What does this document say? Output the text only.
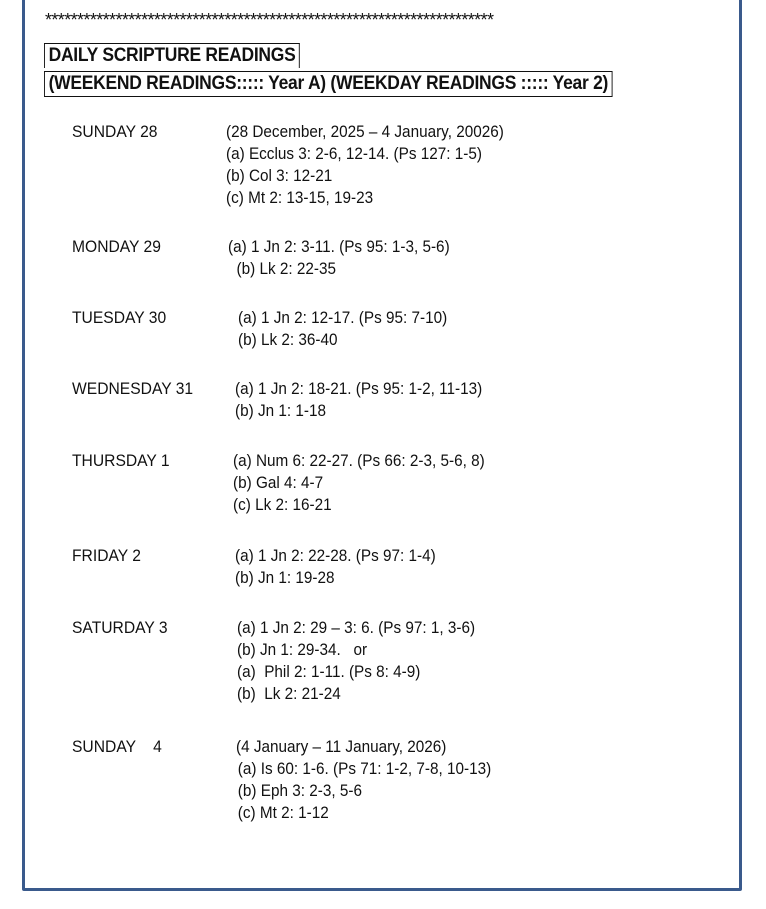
**********************************************************************
DAILY SCRIPTURE READINGS
(WEEKEND READINGS::::: Year A) (WEEKDAY READINGS ::::: Year 2)
SUNDAY 28	(28 December, 2025 – 4 January, 20026)
(a) Ecclus 3: 2-6, 12-14. (Ps 127: 1-5)
(b) Col 3: 12-21
(c) Mt 2: 13-15, 19-23
MONDAY 29	(a) 1 Jn 2: 3-11. (Ps 95: 1-3, 5-6)
(b) Lk 2: 22-35
TUESDAY 30	(a) 1 Jn 2: 12-17. (Ps 95: 7-10)
(b) Lk 2: 36-40
WEDNESDAY 31 (a) 1 Jn 2: 18-21. (Ps 95: 1-2, 11-13)
(b) Jn 1: 1-18
THURSDAY 1	(a) Num 6: 22-27. (Ps 66: 2-3, 5-6, 8)
(b) Gal 4: 4-7
(c) Lk 2: 16-21
FRIDAY 2	(a) 1 Jn 2: 22-28. (Ps 97: 1-4)
(b) Jn 1: 19-28
SATURDAY 3	(a) 1 Jn 2: 29 – 3: 6. (Ps 97: 1, 3-6)
(b) Jn 1: 29-34.   or
(a)  Phil 2: 1-11. (Ps 8: 4-9)
(b)  Lk 2: 21-24
SUNDAY    4	(4 January – 11 January, 2026)
(a) Is 60: 1-6. (Ps 71: 1-2, 7-8, 10-13)
(b) Eph 3: 2-3, 5-6
(c) Mt 2: 1-12
